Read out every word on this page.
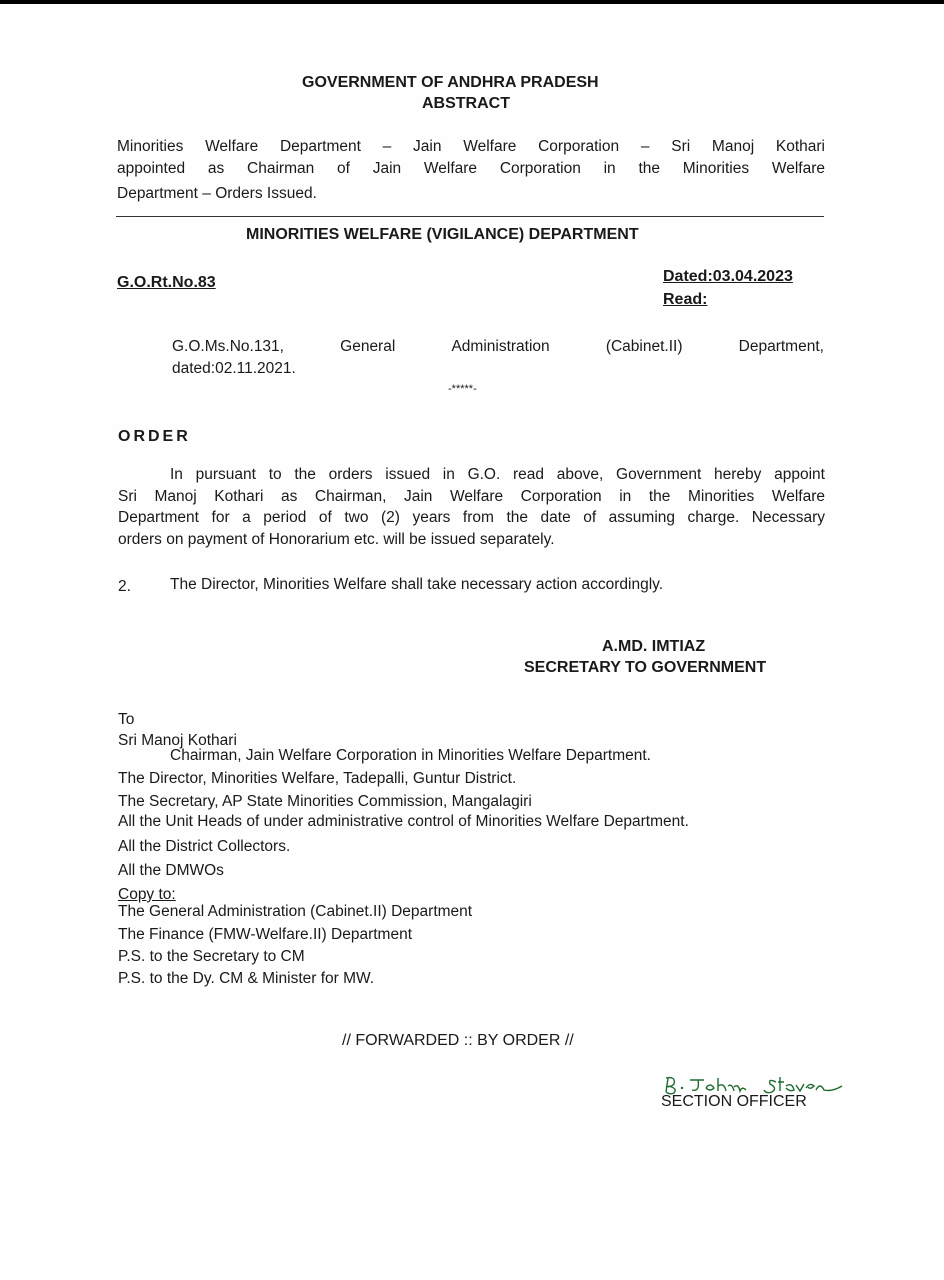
GOVERNMENT OF ANDHRA PRADESH
ABSTRACT
Minorities Welfare Department – Jain Welfare Corporation – Sri Manoj Kothari
appointed as Chairman of Jain Welfare Corporation in the Minorities Welfare
Department – Orders Issued.
MINORITIES WELFARE (VIGILANCE) DEPARTMENT
G.O.Rt.No.83	Dated:03.04.2023
Read:
G.O.Ms.No.131,	General	Administration	(Cabinet.II)	Department,
dated:02.11.2021.
-*****-
ORDER
In pursuant to the orders issued in G.O. read above, Government hereby appoint
Sri Manoj Kothari as Chairman, Jain Welfare Corporation in the Minorities Welfare
Department for a period of two (2) years from the date of assuming charge. Necessary
orders on payment of Honorarium etc. will be issued separately.
2.	The Director, Minorities Welfare shall take necessary action accordingly.
A.MD. IMTIAZ
SECRETARY TO GOVERNMENT
To
Sri Manoj Kothari
Chairman, Jain Welfare Corporation in Minorities Welfare Department.
The Director, Minorities Welfare, Tadepalli, Guntur District.
The Secretary, AP State Minorities Commission, Mangalagiri
All the Unit Heads of under administrative control of Minorities Welfare Department.
All the District Collectors.
All the DMWOs
Copy to:
The General Administration (Cabinet.II) Department
The Finance (FMW-Welfare.II) Department
P.S. to the Secretary to CM
P.S. to the Dy. CM & Minister for MW.
// FORWARDED :: BY ORDER //
SECTION OFFICER
